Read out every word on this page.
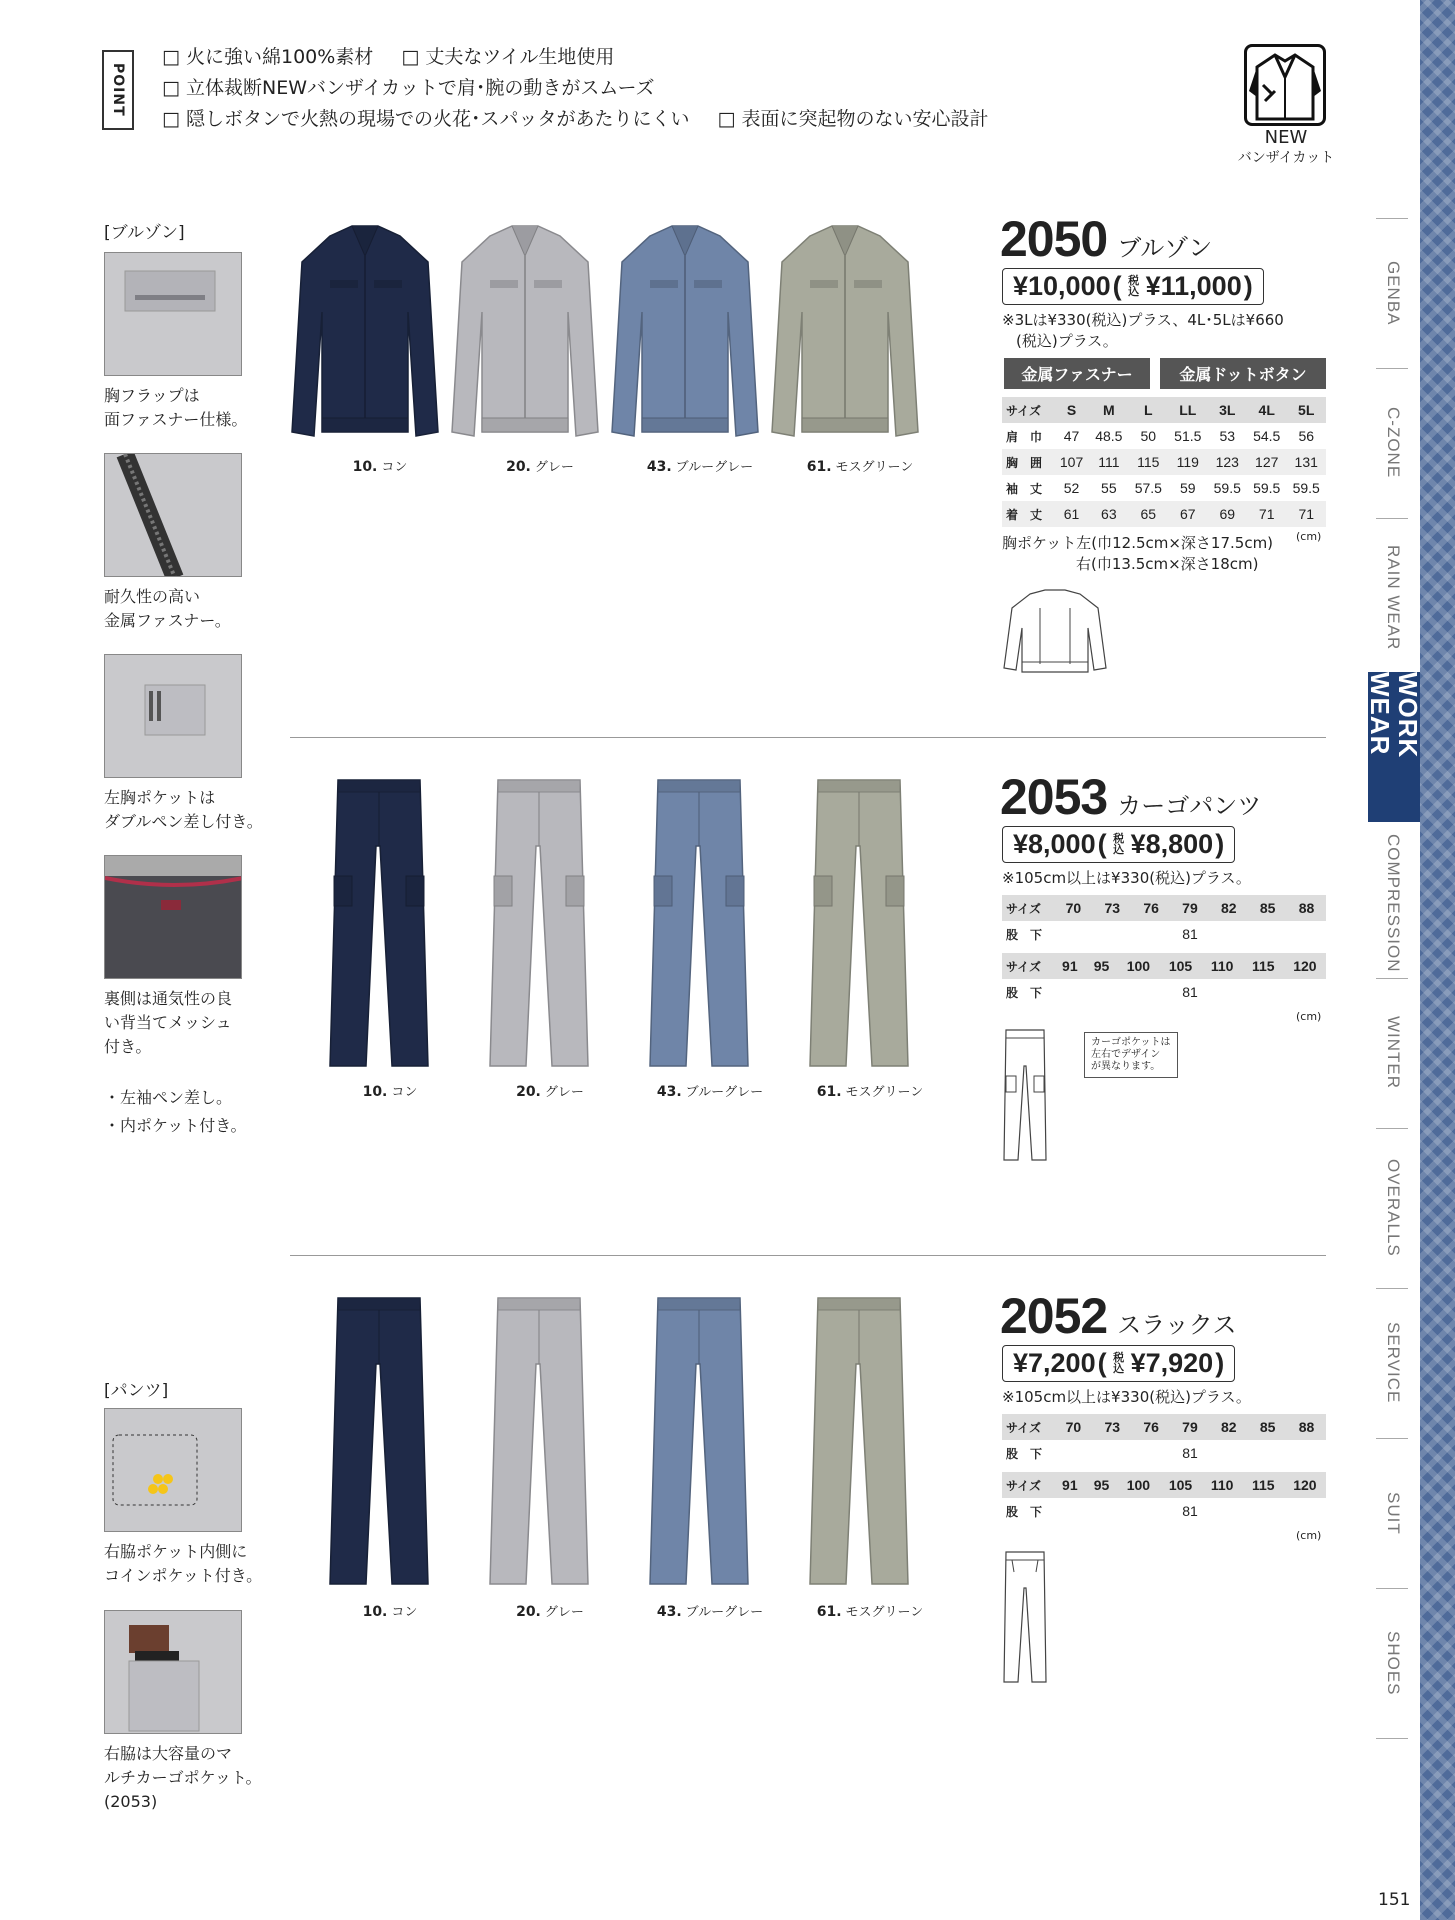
POINT
□ 火に強い綿100%素材 □ 丈夫なツイル生地使用
□ 立体裁断NEWバンザイカットで肩･腕の動きがスムーズ
□ 隠しボタンで火熱の現場での火花･スパッタがあたりにくい □ 表面に突起物のない安心設計
NEW
バンザイカット
GENBA
C-ZONE
RAIN WEAR
WORK WEAR
COMPRESSION
WINTER
OVERALLS
SERVICE
SUIT
SHOES
[ブルゾン]
胸フラップは
面ファスナー仕様。
耐久性の高い
金属ファスナー。
左胸ポケットは
ダブルペン差し付き。
裏側は通気性の良
い背当てメッシュ
付き。
・左袖ペン差し。
・内ポケット付き。
[パンツ]
右脇ポケット内側に
コインポケット付き。
右脇は大容量のマ
ルチカーゴポケット。
(2053)
10. コン	20. グレー	43. ブルーグレー	61. モスグリーン
10. コン	20. グレー	43. ブルーグレー	61. モスグリーン
10. コン	20. グレー	43. ブルーグレー	61. モスグリーン
2050 ブルゾン
¥10,000 ( 税込 ¥11,000 )
※3Lは¥330(税込)プラス、4L･5Lは¥660
(税込)プラス。
金属ファスナー	金属ドットボタン
サイズ	S	M	L	LL	3L	4L	5L
肩　巾	47	48.5	50	51.5	53	54.5	56
胸　囲	107	111	115	119	123	127	131
袖　丈	52	55	57.5	59	59.5	59.5	59.5
着　丈	61	63	65	67	69	71	71
(cm)
胸ポケット左(巾12.5cm×深さ17.5cm)
右(巾13.5cm×深さ18cm)
2053 カーゴパンツ
¥8,000 ( 税込 ¥8,800 )
※105cm以上は¥330(税込)プラス。
サイズ	70	73	76	79	82	85	88
股　下	81						
サイズ	91	95	100	105	110	115	120
股　下	81						
(cm)
カーゴポケットは
左右でデザイン
が異なります。
2052 スラックス
¥7,200 ( 税込 ¥7,920 )
※105cm以上は¥330(税込)プラス。
サイズ	70	73	76	79	82	85	88
股　下	81						
サイズ	91	95	100	105	110	115	120
股　下	81						
(cm)
151
